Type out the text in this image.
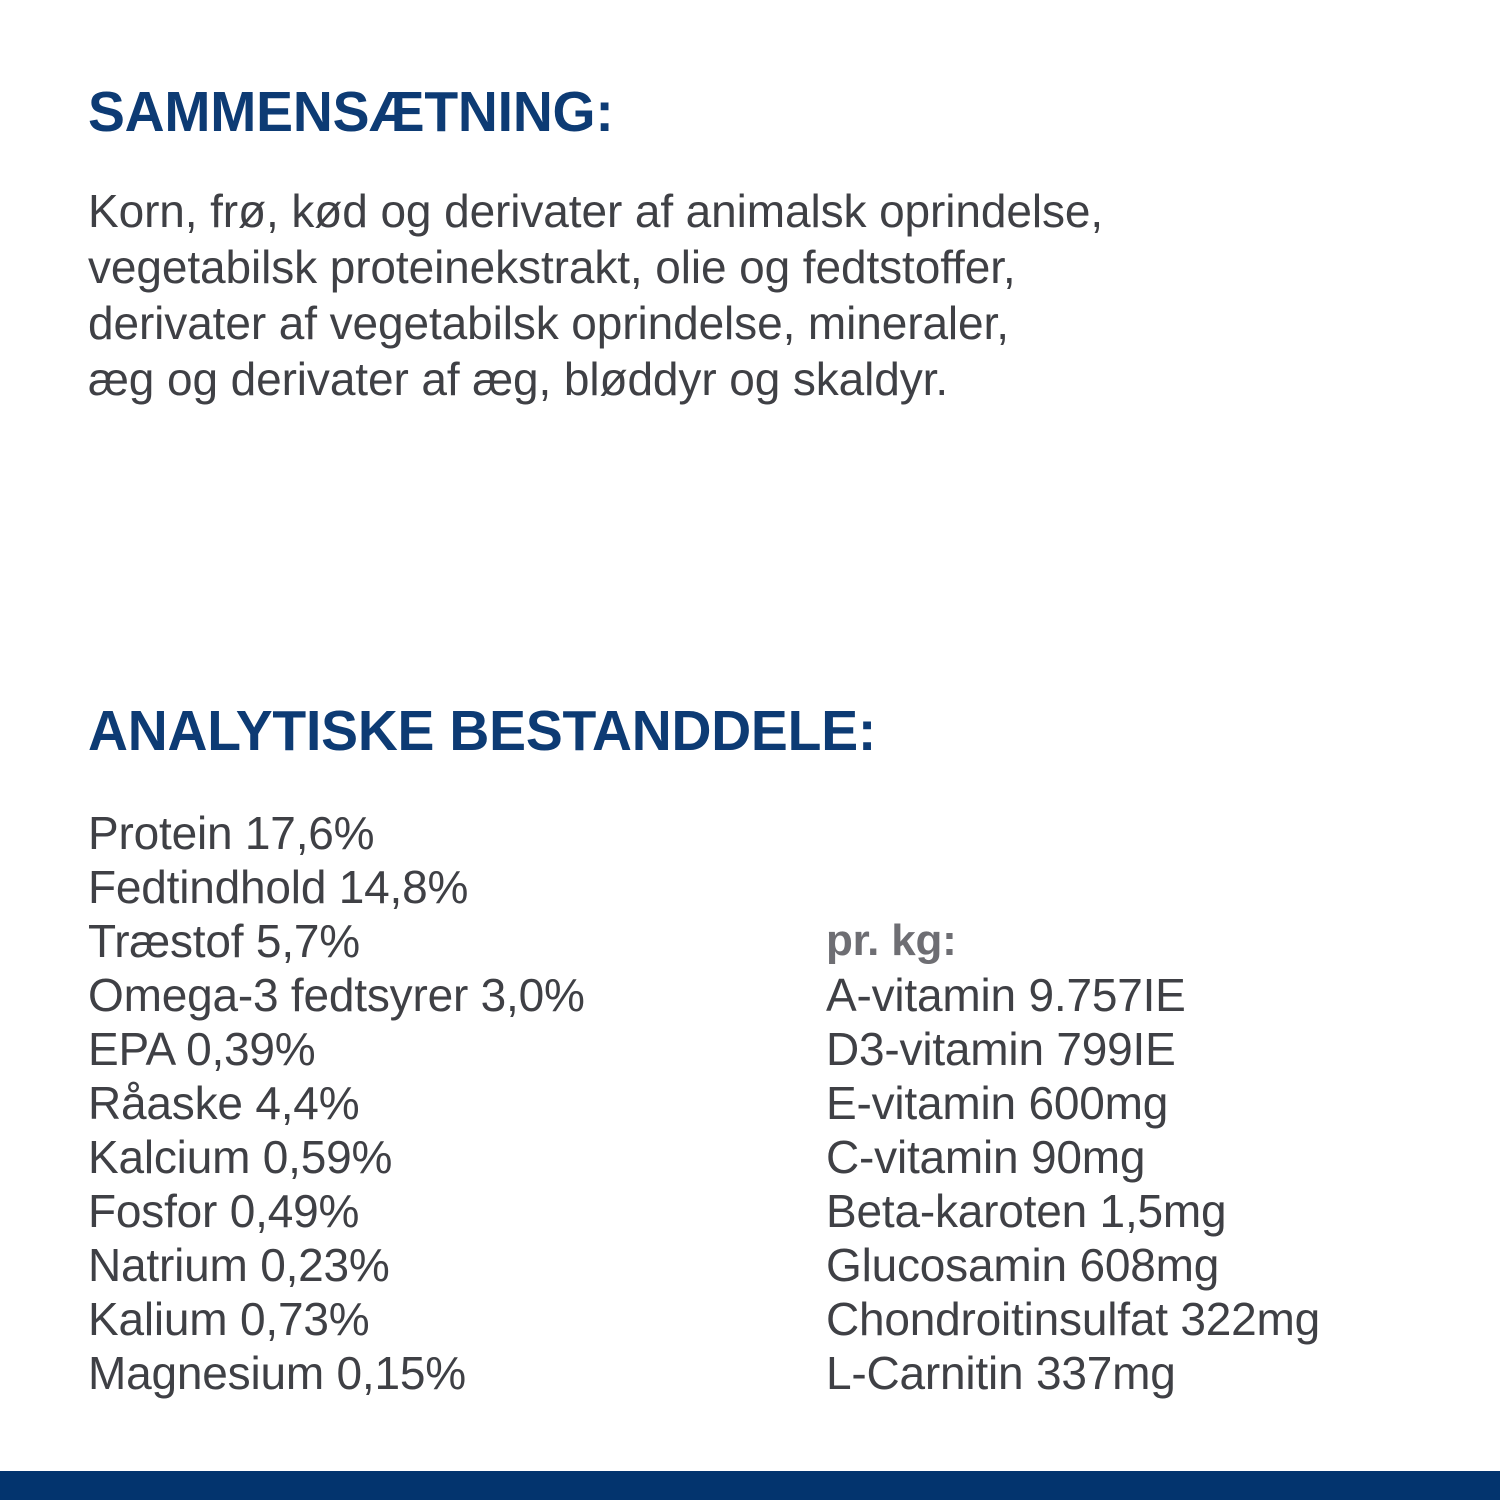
SAMMENSÆTNING:
Korn, frø, kød og derivater af animalsk oprindelse,
vegetabilsk proteinekstrakt, olie og fedtstoffer,
derivater af vegetabilsk oprindelse, mineraler,
æg og derivater af æg, bløddyr og skaldyr.
ANALYTISKE BESTANDDELE:
Protein 17,6%
Fedtindhold 14,8%
Træstof 5,7%
Omega-3 fedtsyrer 3,0%
EPA 0,39%
Råaske 4,4%
Kalcium 0,59%
Fosfor 0,49%
Natrium 0,23%
Kalium 0,73%
Magnesium 0,15%
pr. kg:
A-vitamin 9.757IE
D3-vitamin 799IE
E-vitamin 600mg
C-vitamin 90mg
Beta-karoten 1,5mg
Glucosamin 608mg
Chondroitinsulfat 322mg
L-Carnitin 337mg
